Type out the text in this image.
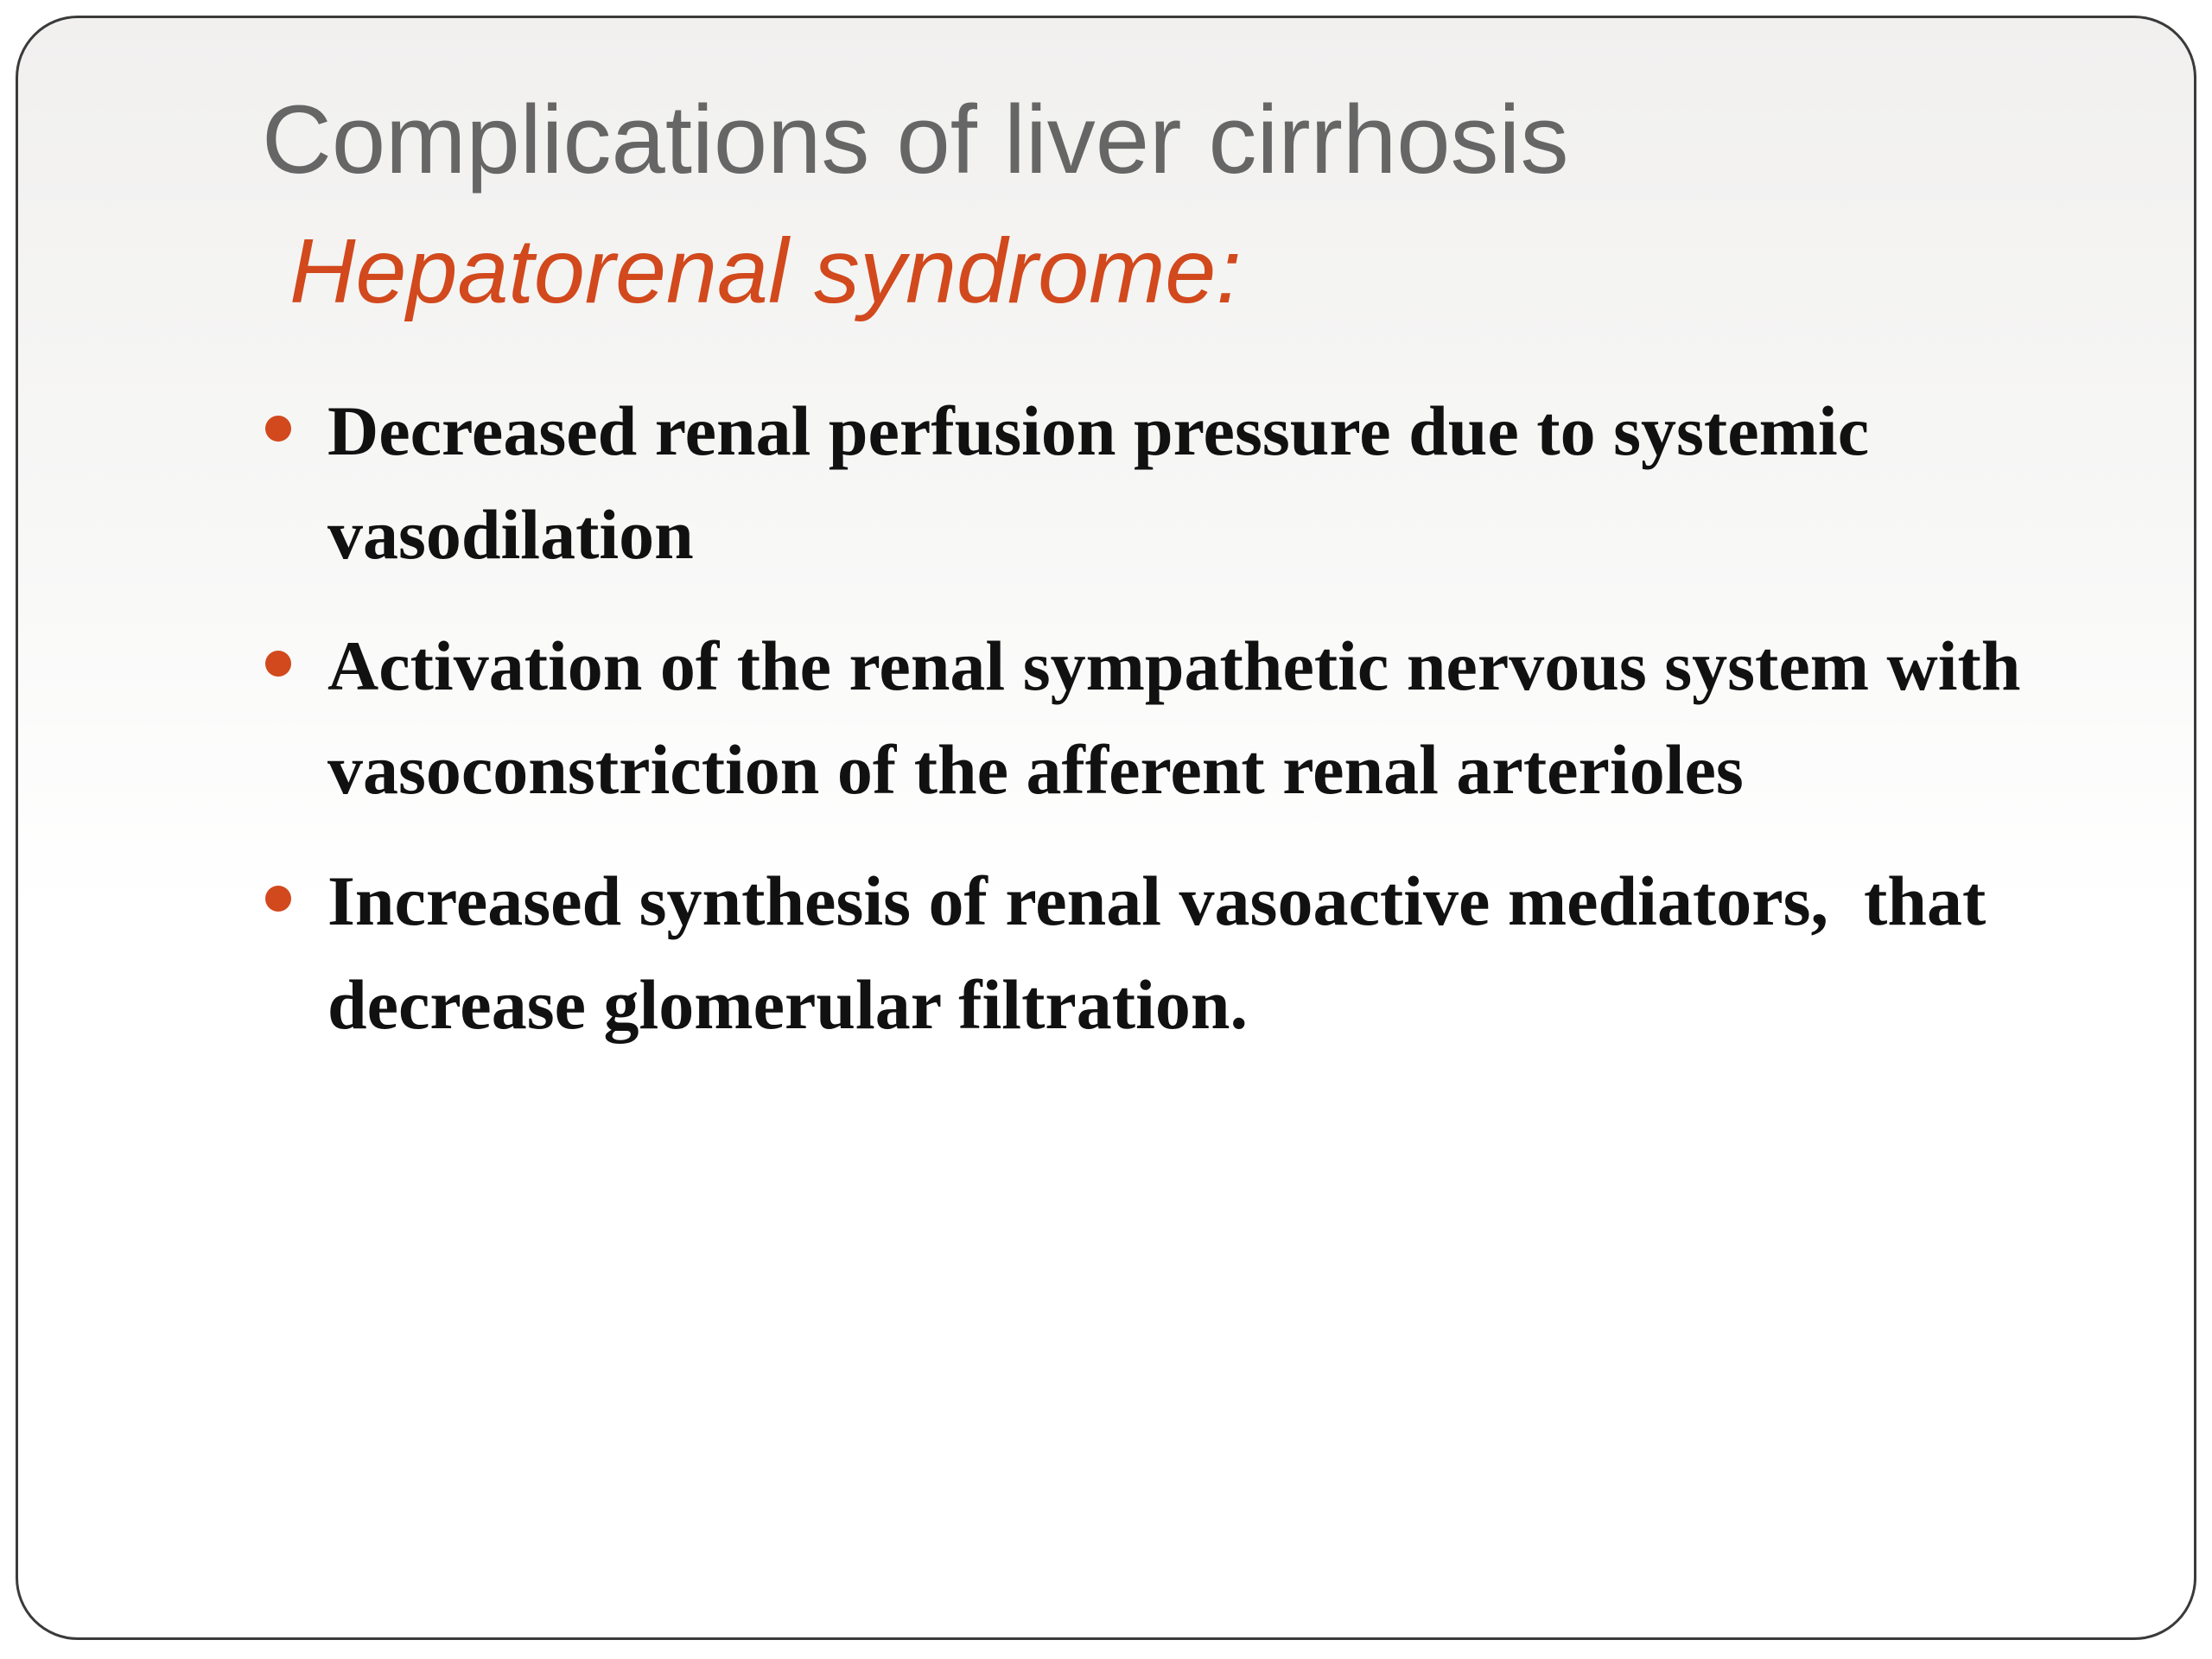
Complications of liver cirrhosis
Hepatorenal syndrome:
Decreased renal perfusion pressure due to systemic vasodilation
Activation of the renal sympathetic nervous system with vasoconstriction of the afferent renal arterioles
Increased synthesis of renal vasoactive mediators,  that decrease glomerular filtration.
